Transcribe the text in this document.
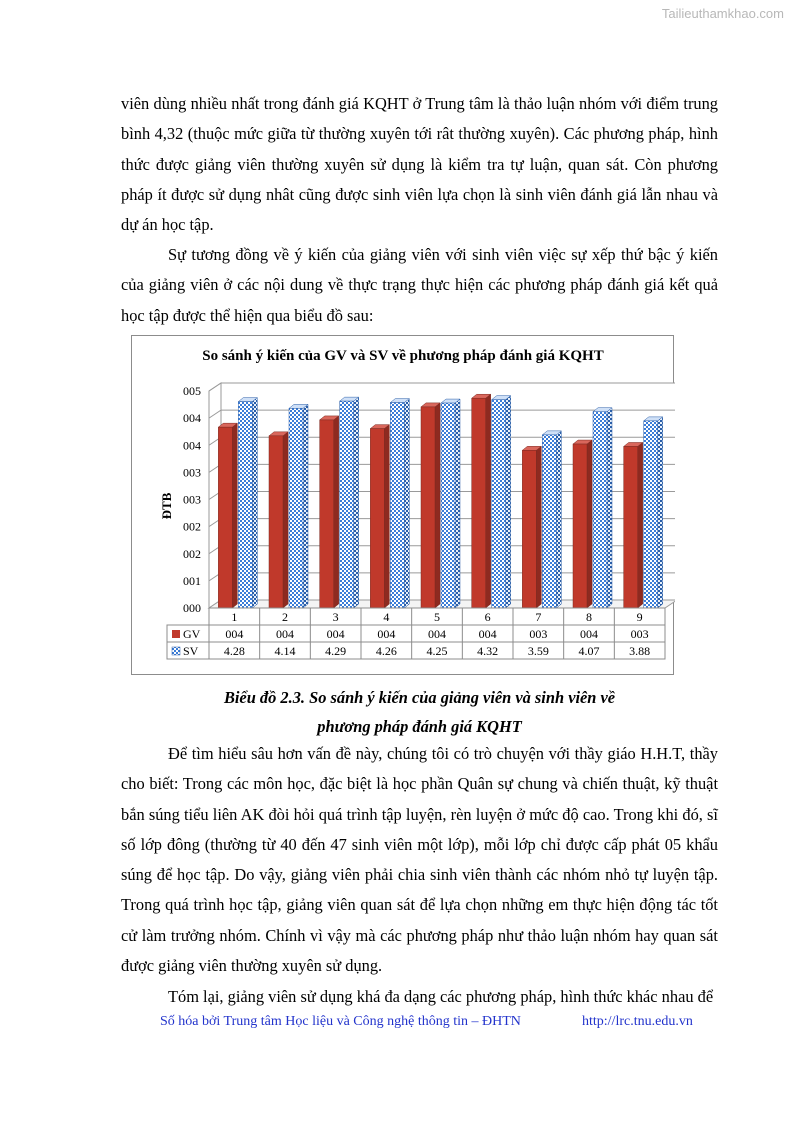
Tailieuthamkhao.com

viên dùng nhiều nhất trong đánh giá KQHT ở Trung tâm là thảo luận nhóm với điểm trung bình 4,32 (thuộc mức giữa từ thường xuyên tới rât thường xuyên). Các phương pháp, hình thức được giảng viên thường xuyên sử dụng là kiểm tra tự luận, quan sát. Còn phương pháp ít được sử dụng nhât cũng được sinh viên lựa chọn là sinh viên đánh giá lẫn nhau và dự án học tập.

Sự tương đồng về ý kiến của giảng viên với sinh viên việc sự xếp thứ bậc ý kiến của giảng viên ở các nội dung về thực trạng thực hiện các phương pháp đánh giá kết quả học tập được thể hiện qua biểu đồ sau:

So sánh ý kiến của GV và SV về phương pháp đánh giá KQHT
ĐTB
000
001
002
002
003
003
004
004
005
1
004
4.28
2
004
4.14
3
004
4.29
4
004
4.26
5
004
4.25
6
004
4.32
7
003
3.59
8
004
4.07
9
003
3.88
GV
SV

Biểu đồ 2.3. So sánh ý kiến của giảng viên và sinh viên về

phương pháp đánh giá KQHT

Để tìm hiểu sâu hơn vấn đề này, chúng tôi có trò chuyện với thầy giáo H.H.T, thầy cho biết: Trong các môn học, đặc biệt là học phần Quân sự chung và chiến thuật, kỹ thuật bắn súng tiểu liên AK đòi hỏi quá trình tập luyện, rèn luyện ở mức độ cao. Trong khi đó, sĩ số lớp đông (thường từ 40 đến 47 sinh viên một lớp), mỗi lớp chỉ được cấp phát 05 khẩu súng để học tập. Do vậy, giảng viên phải chia sinh viên thành các nhóm nhỏ tự luyện tập. Trong quá trình học tập, giảng viên quan sát để lựa chọn những em thực hiện động tác tốt cử làm trưởng nhóm. Chính vì vậy mà các phương pháp như thảo luận nhóm hay quan sát được giảng viên thường xuyên sử dụng.

Tóm lại, giảng viên sử dụng khá đa dạng các phương pháp, hình thức khác nhau để

Số hóa bởi Trung tâm Học liệu và Công nghệ thông tin – ĐHTN	http://lrc.tnu.edu.vn
